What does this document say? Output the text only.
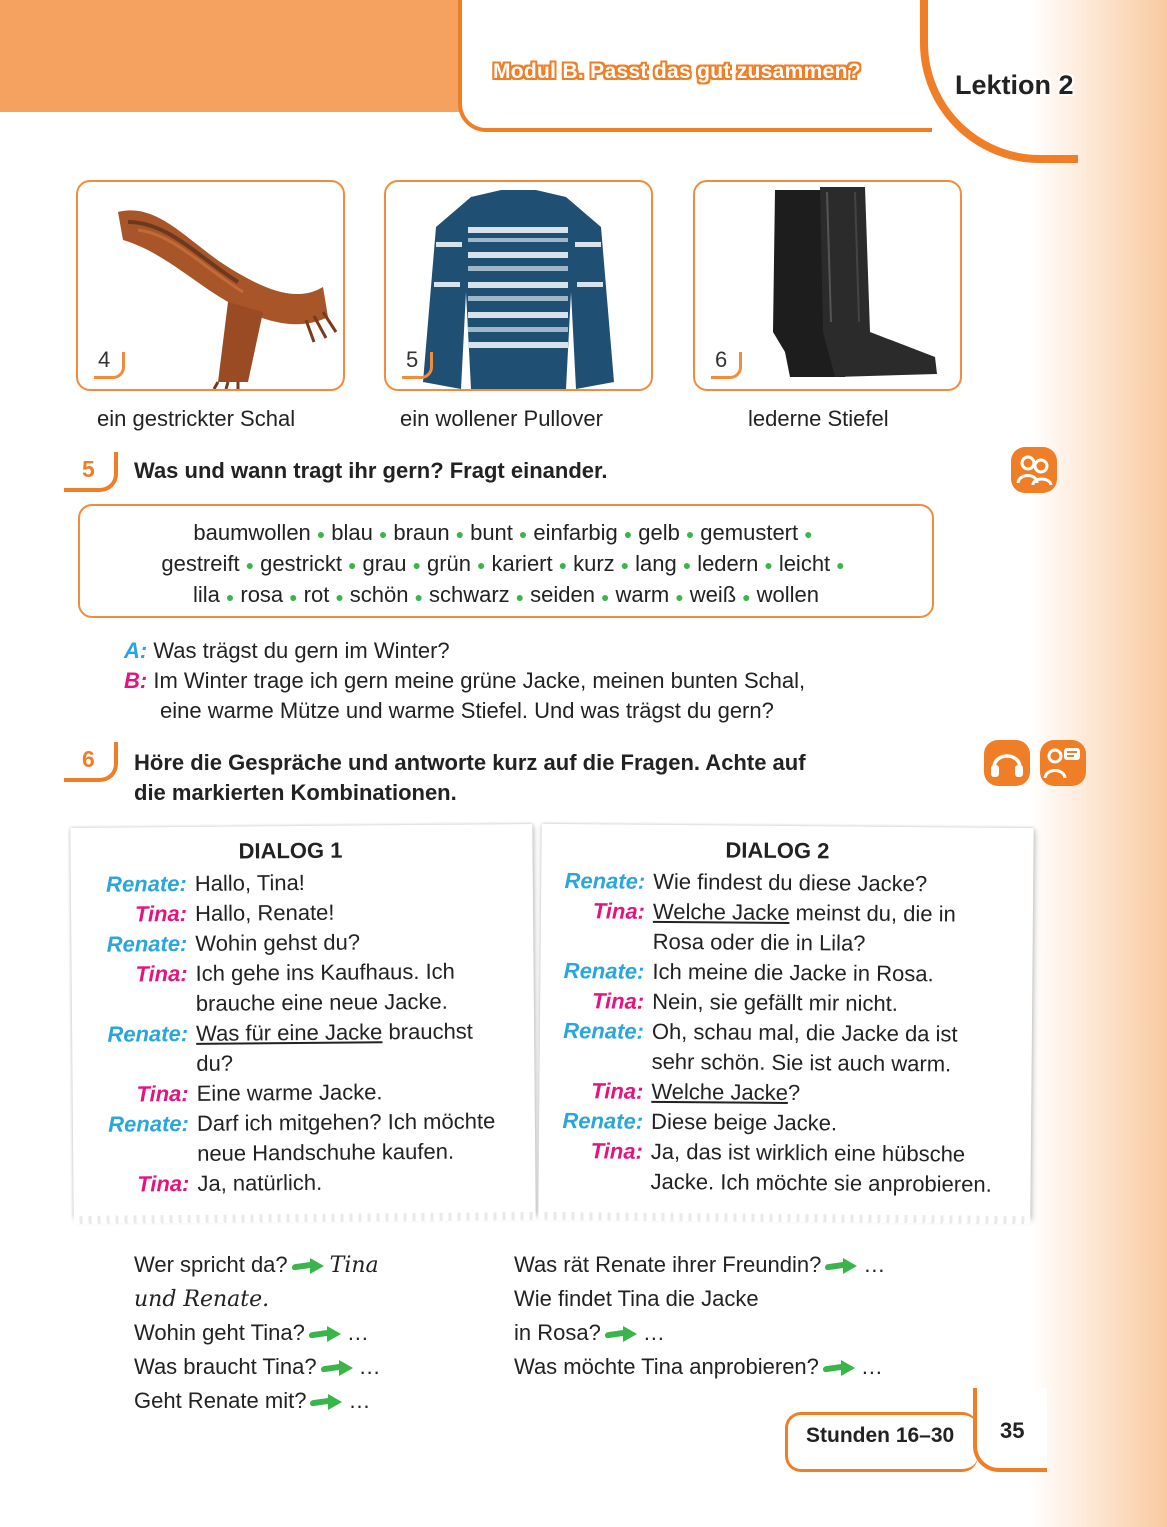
Modul B. Passt das gut zusammen?	Lektion 2
4	5	6
ein gestrickter Schal	ein wollener Pullover	lederne Stiefel
5 Was und wann tragt ihr gern? Fragt einander.
baumwollen ● blau ● braun ● bunt ● einfarbig ● gelb ● gemustert ●
gestreift ● gestrickt ● grau ● grün ● kariert ● kurz ● lang ● ledern ● leicht ●
lila ● rosa ● rot ● schön ● schwarz ● seiden ● warm ● weiß ● wollen
A: Was trägst du gern im Winter?
B: Im Winter trage ich gern meine grüne Jacke, meinen bunten Schal,
eine warme Mütze und warme Stiefel. Und was trägst du gern?
6 Höre die Gespräche und antworte kurz auf die Fragen. Achte auf
die markierten Kombinationen.
DIALOG 1
Renate: Hallo, Tina!
Tina: Hallo, Renate!
Renate: Wohin gehst du?
Tina: Ich gehe ins Kaufhaus. Ich
brauche eine neue Jacke.
Renate: Was für eine Jacke brauchst
du?
Tina: Eine warme Jacke.
Renate: Darf ich mitgehen? Ich möchte
neue Handschuhe kaufen.
Tina: Ja, natürlich.
DIALOG 2
Renate: Wie findest du diese Jacke?
Tina: Welche Jacke meinst du, die in
Rosa oder die in Lila?
Renate: Ich meine die Jacke in Rosa.
Tina: Nein, sie gefällt mir nicht.
Renate: Oh, schau mal, die Jacke da ist
sehr schön. Sie ist auch warm.
Tina: Welche Jacke?
Renate: Diese beige Jacke.
Tina: Ja, das ist wirklich eine hübsche
Jacke. Ich möchte sie anprobieren.
Wer spricht da? Tina
und Renate.
Wohin geht Tina? …
Was braucht Tina? …
Geht Renate mit? …
Was rät Renate ihrer Freundin? …
Wie findet Tina die Jacke
in Rosa? …
Was möchte Tina anprobieren? …
Stunden 16–30 35
